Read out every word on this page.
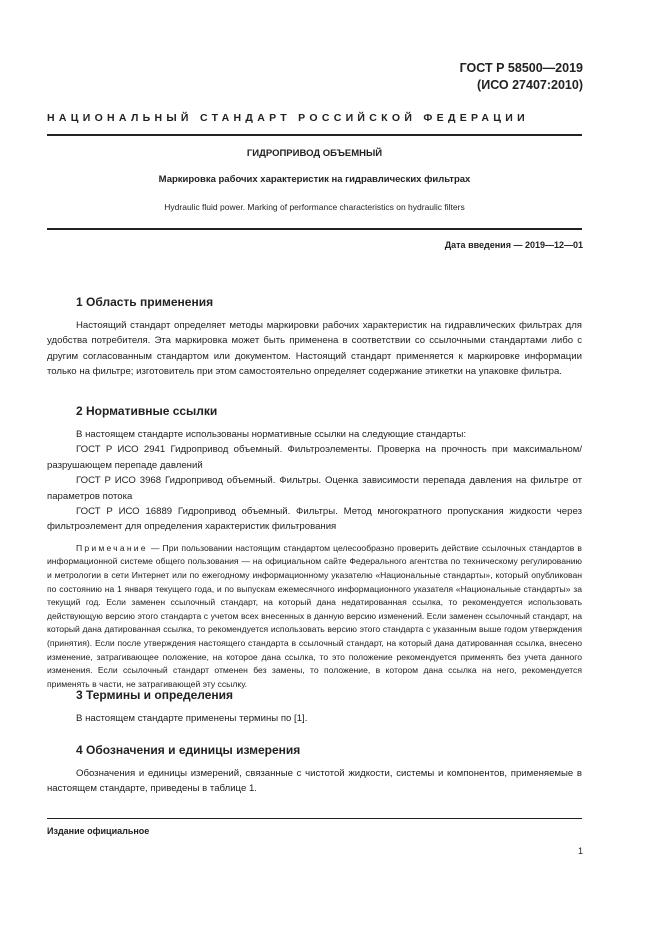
ГОСТ Р 58500—2019
(ИСО 27407:2010)
НАЦИОНАЛЬНЫЙ СТАНДАРТ РОССИЙСКОЙ ФЕДЕРАЦИИ
ГИДРОПРИВОД ОБЪЕМНЫЙ
Маркировка рабочих характеристик на гидравлических фильтрах
Hydraulic fluid power. Marking of performance characteristics on hydraulic filters
Дата введения — 2019—12—01
1 Область применения
Настоящий стандарт определяет методы маркировки рабочих характеристик на гидравлических фильтрах для удобства потребителя. Эта маркировка может быть применена в соответствии со ссылочными стандартами либо с другим согласованным стандартом или документом. Настоящий стандарт применяется к маркировке информации только на фильтре; изготовитель при этом самостоятельно определяет содержание этикетки на упаковке фильтра.
2 Нормативные ссылки
В настоящем стандарте использованы нормативные ссылки на следующие стандарты:
ГОСТ Р ИСО 2941 Гидропривод объемный. Фильтроэлементы. Проверка на прочность при максимальном/разрушающем перепаде давлений
ГОСТ Р ИСО 3968 Гидропривод объемный. Фильтры. Оценка зависимости перепада давления на фильтре от параметров потока
ГОСТ Р ИСО 16889 Гидропривод объемный. Фильтры. Метод многократного пропускания жидкости через фильтроэлемент для определения характеристик фильтрования
Примечание — При пользовании настоящим стандартом целесообразно проверить действие ссылочных стандартов в информационной системе общего пользования — на официальном сайте Федерального агентства по техническому регулированию и метрологии в сети Интернет или по ежегодному информационному указателю «Национальные стандарты», который опубликован по состоянию на 1 января текущего года, и по выпускам ежемесячного информационного указателя «Национальные стандарты» за текущий год. Если заменен ссылочный стандарт, на который дана недатированная ссылка, то рекомендуется использовать действующую версию этого стандарта с учетом всех внесенных в данную версию изменений. Если заменен ссылочный стандарт, на который дана датированная ссылка, то рекомендуется использовать версию этого стандарта с указанным выше годом утверждения (принятия). Если после утверждения настоящего стандарта в ссылочный стандарт, на который дана датированная ссылка, внесено изменение, затрагивающее положение, на которое дана ссылка, то это положение рекомендуется применять без учета данного изменения. Если ссылочный стандарт отменен без замены, то положение, в котором дана ссылка на него, рекомендуется применять в части, не затрагивающей эту ссылку.
3 Термины и определения
В настоящем стандарте применены термины по [1].
4 Обозначения и единицы измерения
Обозначения и единицы измерений, связанные с чистотой жидкости, системы и компонентов, применяемые в настоящем стандарте, приведены в таблице 1.
Издание официальное
1
